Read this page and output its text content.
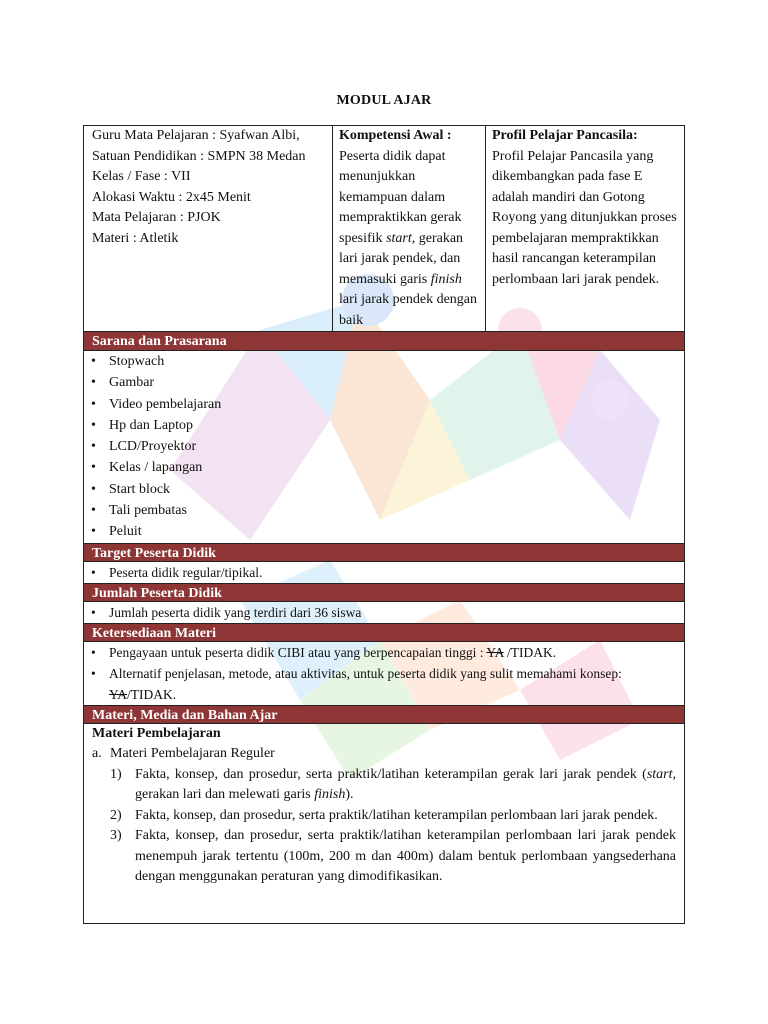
MODUL AJAR
Guru Mata Pelajaran : Syafwan Albi,
Satuan Pendidikan : SMPN 38 Medan
Kelas / Fase : VII
Alokasi Waktu : 2x45 Menit
Mata Pelajaran : PJOK
Materi : Atletik
Kompetensi Awal :
Peserta didik dapat menunjukkan kemampuan dalam mempraktikkan gerak spesifik start, gerakan lari jarak pendek, dan memasuki garis finish lari jarak pendek dengan baik
Profil Pelajar Pancasila:
Profil Pelajar Pancasila yang dikembangkan pada fase E adalah mandiri dan Gotong Royong yang ditunjukkan proses pembelajaran mempraktikkan hasil rancangan keterampilan perlombaan lari jarak pendek.
Sarana dan Prasarana
• Stopwach
• Gambar
• Video pembelajaran
• Hp dan Laptop
• LCD/Proyektor
• Kelas / lapangan
• Start block
• Tali pembatas
• Peluit
Target Peserta Didik
• Peserta didik regular/tipikal.
Jumlah Peserta Didik
• Jumlah peserta didik yang terdiri dari 36 siswa
Ketersediaan Materi
• Pengayaan untuk peserta didik CIBI atau yang berpencapaian tinggi : YA /TIDAK.
• Alternatif penjelasan, metode, atau aktivitas, untuk peserta didik yang sulit memahami konsep: YA/TIDAK.
Materi, Media dan Bahan Ajar
Materi Pembelajaran
a. Materi Pembelajaran Reguler
1) Fakta, konsep, dan prosedur, serta praktik/latihan keterampilan gerak lari jarak pendek (start, gerakan lari dan melewati garis finish).
2) Fakta, konsep, dan prosedur, serta praktik/latihan keterampilan perlombaan lari jarak pendek.
3) Fakta, konsep, dan prosedur, serta praktik/latihan keterampilan perlombaan lari jarak pendek menempuh jarak tertentu (100m, 200 m dan 400m) dalam bentuk perlombaan yangsederhana dengan menggunakan peraturan yang dimodifikasikan.
